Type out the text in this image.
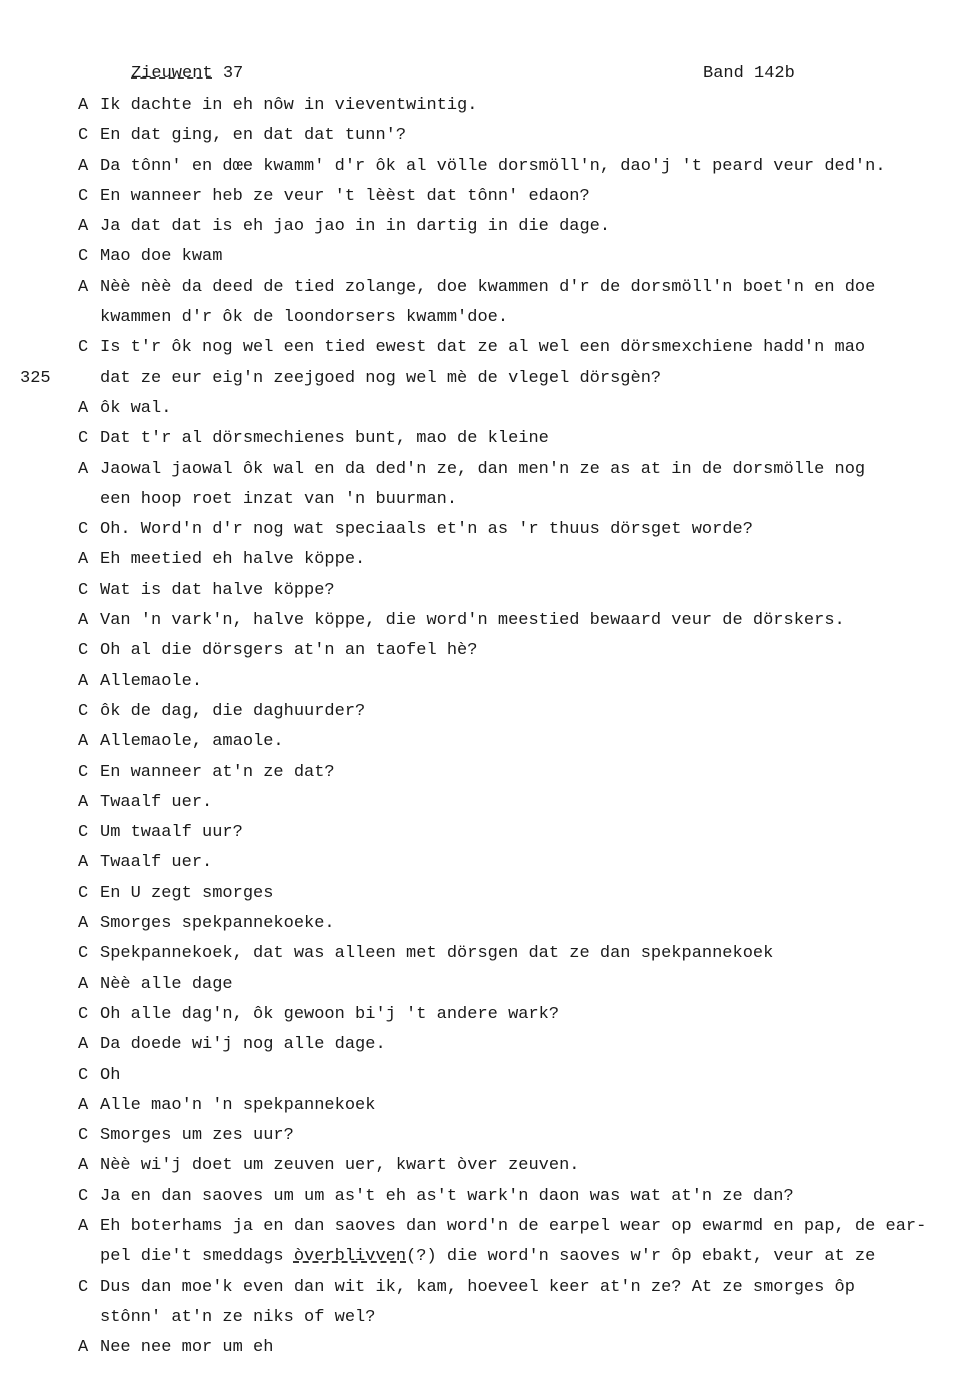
Zieuwent 37	Band 142b
325
A Ik dachte in eh nôw in vieventwintig.
C En dat ging, en dat dat tunn'?
A Da tônn' en dœe kwamm' d'r ôk al völle dorsmöll'n, dao'j 't peard veur ded'n.
C En wanneer heb ze veur 't lèèst dat tônn' edaon?
A Ja dat dat is eh jao jao in in dartig in die dage.
C Mao doe kwam
A Nèè nèè da deed de tied zolange, doe kwammen d'r de dorsmöll'n boet'n en doe
kwammen d'r ôk de loondorsers kwamm'doe.
C Is t'r ôk nog wel een tied ewest dat ze al wel een dörsmexchiene hadd'n mao
dat ze eur eig'n zeejgoed nog wel mè de vlegel dörsgèn?
A ôk wal.
C Dat t'r al dörsmechienes bunt, mao de kleine
A Jaowal jaowal ôk wal en da ded'n ze, dan men'n ze as at in de dorsmölle nog
een hoop roet inzat van 'n buurman.
C Oh. Word'n d'r nog wat speciaals et'n as 'r thuus dörsget worde?
A Eh meetied eh halve köppe.
C Wat is dat halve köppe?
A Van 'n vark'n, halve köppe, die word'n meestied bewaard veur de dörskers.
C Oh al die dörsgers at'n an taofel hè?
A Allemaole.
C ôk de dag, die daghuurder?
A Allemaole, amaole.
C En wanneer at'n ze dat?
A Twaalf uer.
C Um twaalf uur?
A Twaalf uer.
C En U zegt smorges
A Smorges spekpannekoeke.
C Spekpannekoek, dat was alleen met dörsgen dat ze dan spekpannekoek
A Nèè alle dage
C Oh alle dag'n, ôk gewoon bi'j 't andere wark?
A Da doede wi'j nog alle dage.
C Oh
A Alle mao'n 'n spekpannekoek
C Smorges um zes uur?
A Nèè wi'j doet um zeuven uer, kwart òver zeuven.
C Ja en dan saoves um um as't eh as't wark'n daon was wat at'n ze dan?
A Eh boterhams ja en dan saoves dan word'n de earpel wear op ewarmd en pap, de ear-
pel die't smeddags òverblivven(?) die word'n saoves w'r ôp ebakt, veur at ze
C Dus dan moe'k even dan wit ik, kam, hoeveel keer at'n ze? At ze smorges ôp
stônn' at'n ze niks of wel?
A Nee nee mor um eh
